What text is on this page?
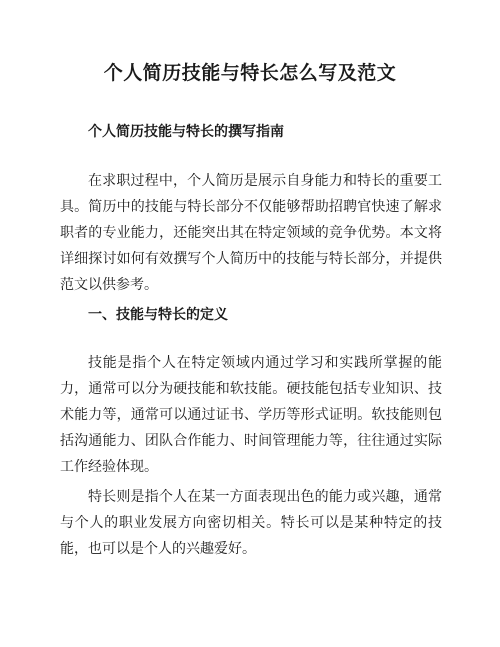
个人简历技能与特长怎么写及范文
个人简历技能与特长的撰写指南

在求职过程中，个人简历是展示自身能力和特长的重要工具。简历中的技能与特长部分不仅能够帮助招聘官快速了解求职者的专业能力，还能突出其在特定领域的竞争优势。本文将详细探讨如何有效撰写个人简历中的技能与特长部分，并提供范文以供参考。

一、技能与特长的定义

技能是指个人在特定领域内通过学习和实践所掌握的能力，通常可以分为硬技能和软技能。硬技能包括专业知识、技术能力等，通常可以通过证书、学历等形式证明。软技能则包括沟通能力、团队合作能力、时间管理能力等，往往通过实际工作经验体现。

特长则是指个人在某一方面表现出色的能力或兴趣，通常与个人的职业发展方向密切相关。特长可以是某种特定的技能，也可以是个人的兴趣爱好。
